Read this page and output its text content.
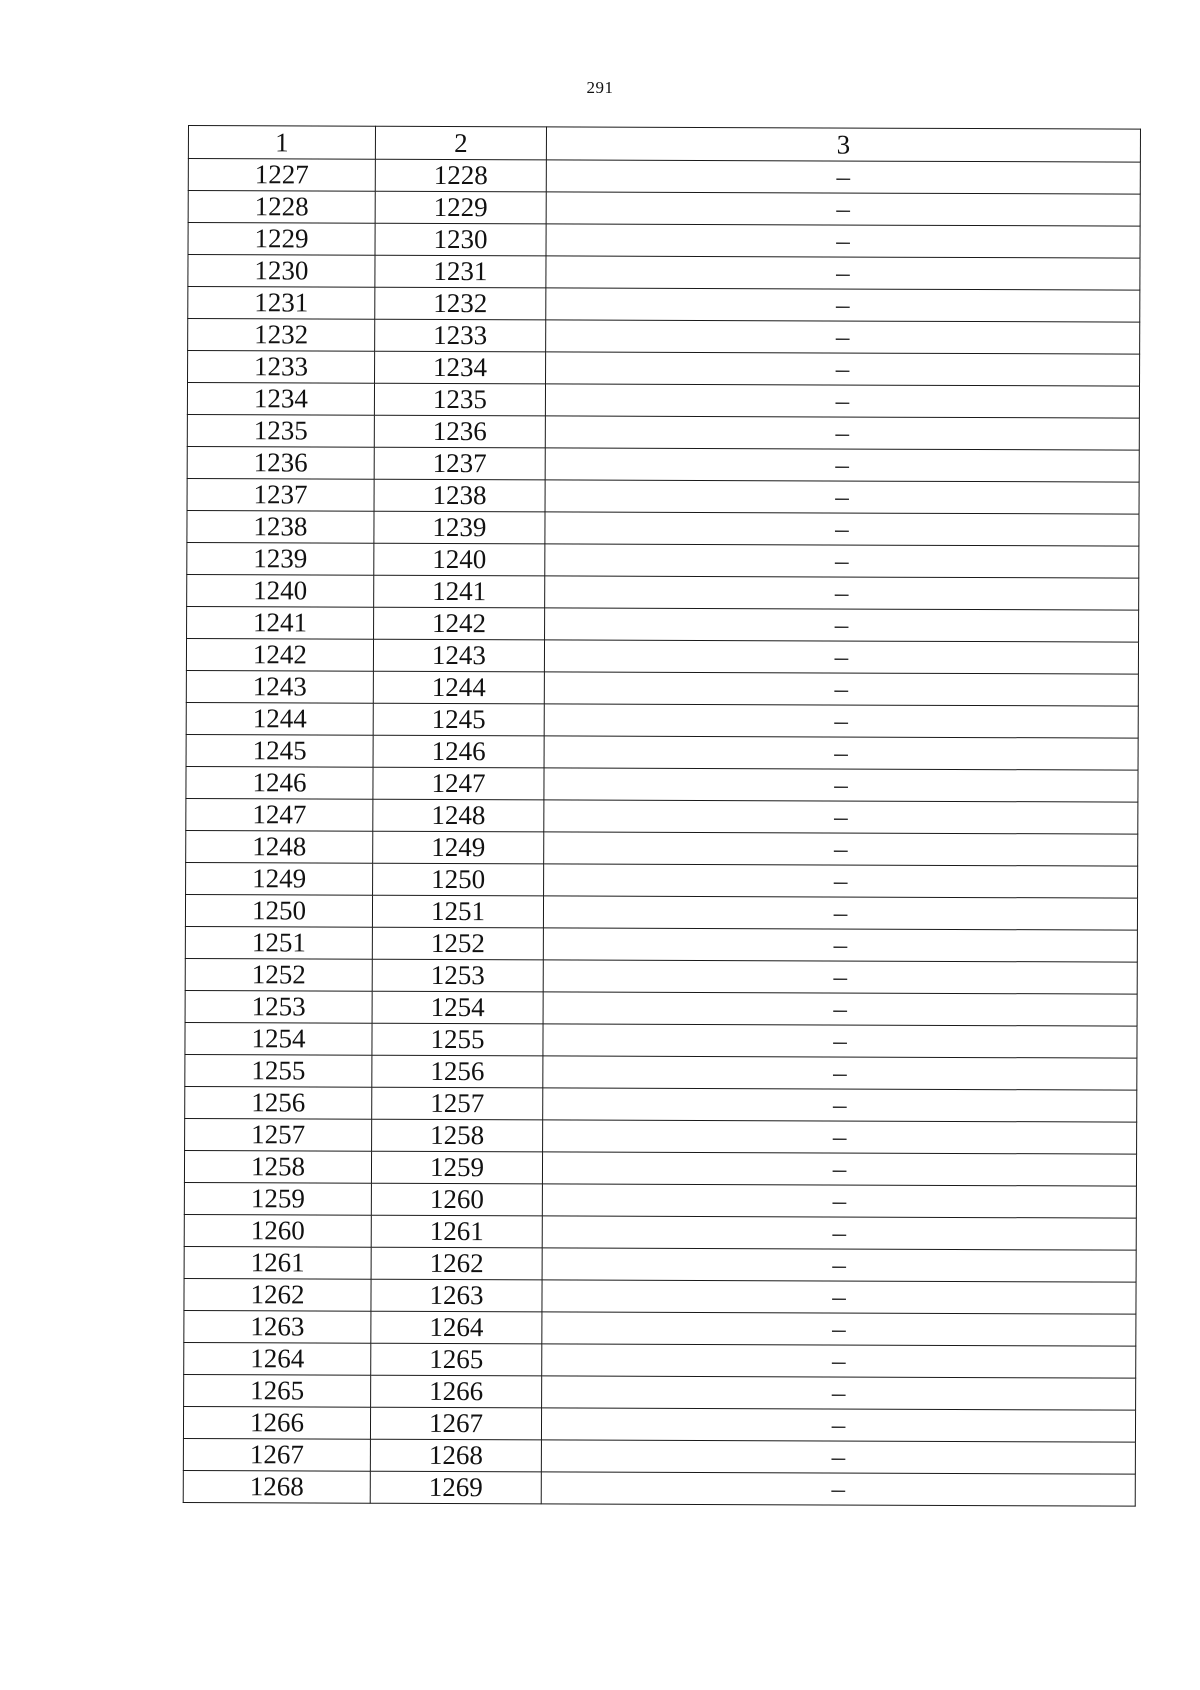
291
1	2	3
1227	1228	–
1228	1229	–
1229	1230	–
1230	1231	–
1231	1232	–
1232	1233	–
1233	1234	–
1234	1235	–
1235	1236	–
1236	1237	–
1237	1238	–
1238	1239	–
1239	1240	–
1240	1241	–
1241	1242	–
1242	1243	–
1243	1244	–
1244	1245	–
1245	1246	–
1246	1247	–
1247	1248	–
1248	1249	–
1249	1250	–
1250	1251	–
1251	1252	–
1252	1253	–
1253	1254	–
1254	1255	–
1255	1256	–
1256	1257	–
1257	1258	–
1258	1259	–
1259	1260	–
1260	1261	–
1261	1262	–
1262	1263	–
1263	1264	–
1264	1265	–
1265	1266	–
1266	1267	–
1267	1268	–
1268	1269	–
